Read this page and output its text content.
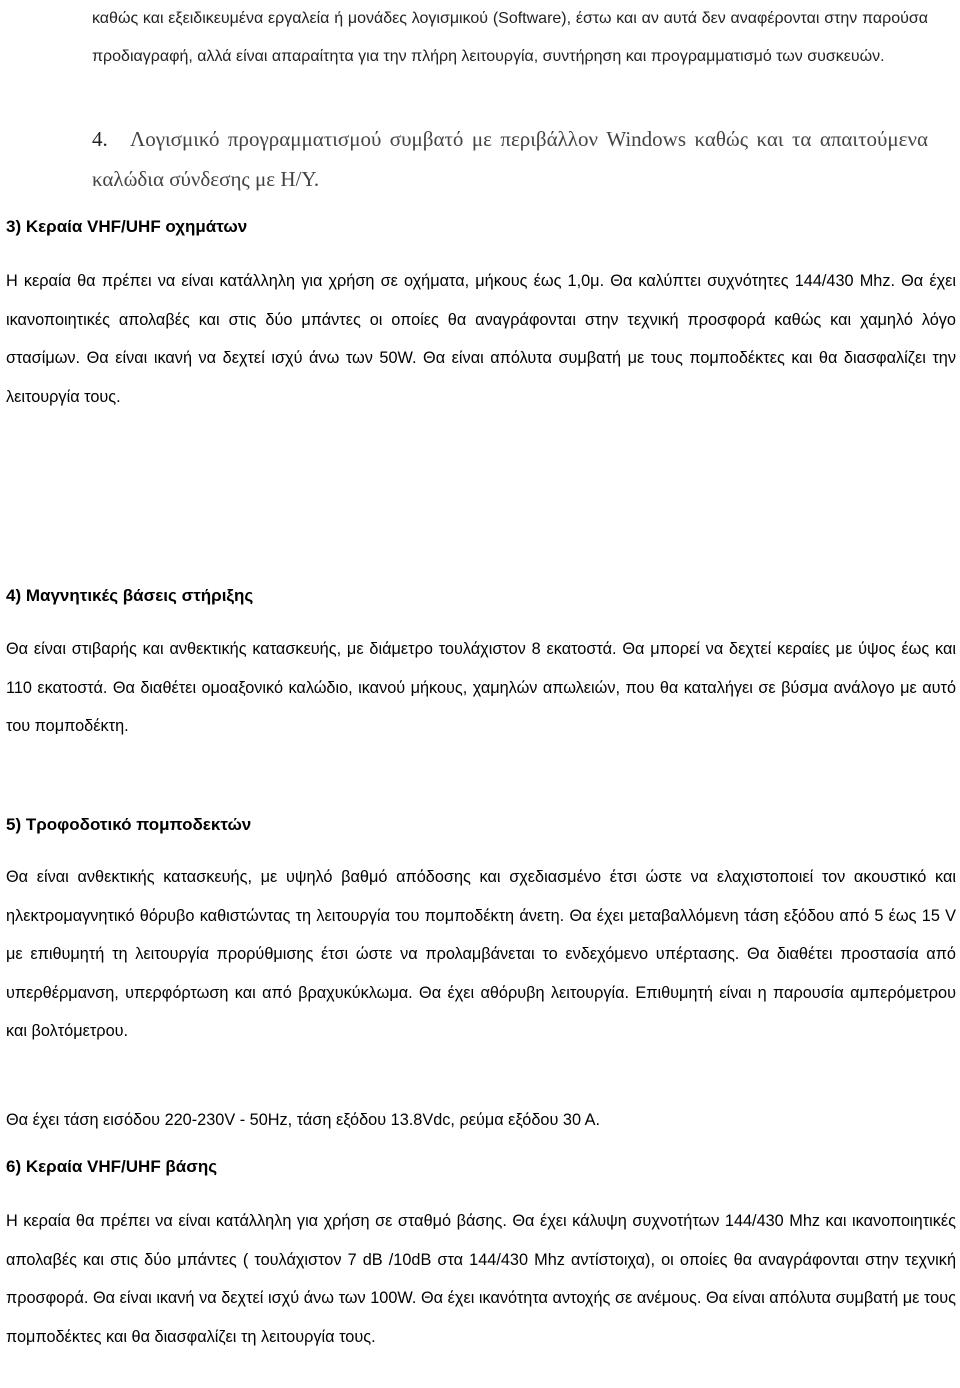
καθώς και εξειδικευμένα εργαλεία ή μονάδες λογισμικού (Software), έστω και αν αυτά δεν αναφέρονται στην παρούσα προδιαγραφή, αλλά είναι απαραίτητα για την πλήρη λειτουργία, συντήρηση και προγραμματισμό των συσκευών.
4. Λογισμικό προγραμματισμού συμβατό με περιβάλλον Windows καθώς και τα απαιτούμενα καλώδια σύνδεσης με Η/Υ.
3) Κεραία VHF/UHF οχημάτων
Η κεραία θα πρέπει να είναι κατάλληλη για χρήση σε οχήματα, μήκους έως 1,0μ. Θα καλύπτει συχνότητες 144/430 Mhz. Θα έχει ικανοποιητικές απολαβές και στις δύο μπάντες οι οποίες θα αναγράφονται στην τεχνική προσφορά καθώς και χαμηλό λόγο στασίμων. Θα είναι ικανή να δεχτεί ισχύ άνω των 50W. Θα είναι απόλυτα συμβατή με τους πομποδέκτες και θα διασφαλίζει την λειτουργία τους.
4) Μαγνητικές βάσεις στήριξης
Θα είναι στιβαρής και ανθεκτικής κατασκευής, με διάμετρο τουλάχιστον 8 εκατοστά. Θα μπορεί να δεχτεί κεραίες με ύψος έως και 110 εκατοστά. Θα διαθέτει ομοαξονικό καλώδιο, ικανού μήκους, χαμηλών απωλειών, που θα καταλήγει σε βύσμα ανάλογο με αυτό του πομποδέκτη.
5) Τροφοδοτικό πομποδεκτών
Θα είναι ανθεκτικής κατασκευής, με υψηλό βαθμό απόδοσης και σχεδιασμένο έτσι ώστε να ελαχιστοποιεί τον ακουστικό και ηλεκτρομαγνητικό θόρυβο καθιστώντας τη λειτουργία του πομποδέκτη άνετη. Θα έχει μεταβαλλόμενη τάση εξόδου από 5 έως 15 V με επιθυμητή τη λειτουργία προρύθμισης έτσι ώστε να προλαμβάνεται το ενδεχόμενο υπέρτασης. Θα διαθέτει προστασία από υπερθέρμανση, υπερφόρτωση και από βραχυκύκλωμα. Θα έχει αθόρυβη λειτουργία. Επιθυμητή είναι η παρουσία αμπερόμετρου και βολτόμετρου.
Θα έχει τάση εισόδου 220-230V - 50Hz, τάση εξόδου 13.8Vdc, ρεύμα εξόδου 30 Α.
6) Κεραία VHF/UHF βάσης
Η κεραία θα πρέπει να είναι κατάλληλη για χρήση σε σταθμό βάσης. Θα έχει κάλυψη συχνοτήτων 144/430 Mhz και ικανοποιητικές απολαβές και στις δύο μπάντες ( τουλάχιστον 7 dB /10dB στα 144/430 Mhz αντίστοιχα), οι οποίες θα αναγράφονται στην τεχνική προσφορά. Θα είναι ικανή να δεχτεί ισχύ άνω των 100W. Θα έχει ικανότητα αντοχής σε ανέμους. Θα είναι απόλυτα συμβατή με τους πομποδέκτες και θα διασφαλίζει τη λειτουργία τους.
